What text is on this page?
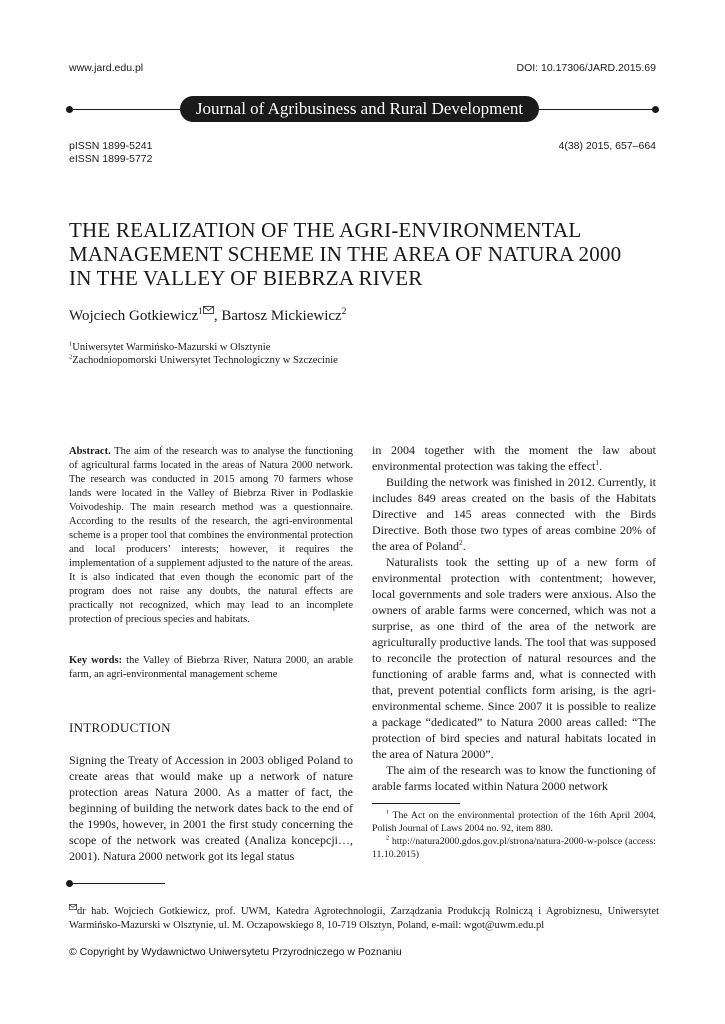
www.jard.edu.pl	DOI: 10.17306/JARD.2015.69
Journal of Agribusiness and Rural Development
pISSN 1899-5241
eISSN 1899-5772
4(38) 2015, 657–664
THE REALIZATION OF THE AGRI-ENVIRONMENTAL
MANAGEMENT SCHEME IN THE AREA OF NATURA 2000
IN THE VALLEY OF BIEBRZA RIVER
Wojciech Gotkiewicz$^1$ , Bartosz Mickiewicz$^2$
$^1$Uniwersytet Warmińsko-Mazurski w Olsztynie
$^2$Zachodniopomorski Uniwersytet Technologiczny w Szczecinie

Abstract. The aim of the research was to analyse the functioning of agricultural farms located in the areas of Natura 2000 network. The research was conducted in 2015 among 70 farmers whose lands were located in the Valley of Biebrza River in Podlaskie Voivodeship. The main research method was a questionnaire. According to the results of the research, the agri-environmental scheme is a proper tool that combines the environmental protection and local producers’ interests; however, it requires the implementation of a supplement adjusted to the nature of the areas. It is also indicated that even though the economic part of the program does not raise any doubts, the natural effects are practically not recognized, which may lead to an incomplete protection of precious species and habitats.

Key words: the Valley of Biebrza River, Natura 2000, an arable farm, an agri-environmental management scheme

INTRODUCTION

Signing the Treaty of Accession in 2003 obliged Poland to create areas that would make up a network of nature protection areas Natura 2000. As a matter of fact, the beginning of building the network dates back to the end of the 1990s, however, in 2001 the first study concerning the scope of the network was created (Analiza koncepcji…, 2001). Natura 2000 network got its legal status

in 2004 together with the moment the law about environmental protection was taking the effect$^1$.

Building the network was finished in 2012. Currently, it includes 849 areas created on the basis of the Habitats Directive and 145 areas connected with the Birds Directive. Both those two types of areas combine 20% of the area of Poland$^2$.

Naturalists took the setting up of a new form of environmental protection with contentment; however, local governments and sole traders were anxious. Also the owners of arable farms were concerned, which was not a surprise, as one third of the area of the network are agriculturally productive lands. The tool that was supposed to reconcile the protection of natural resources and the functioning of arable farms and, what is connected with that, prevent potential conflicts form arising, is the agri-environmental scheme. Since 2007 it is possible to realize a package “dedicated” to Natura 2000 areas called: “The protection of bird species and natural habitats located in the area of Natura 2000”.

The aim of the research was to know the functioning of arable farms located within Natura 2000 network

$^1$ The Act on the environmental protection of the 16th April 2004, Polish Journal of Laws 2004 no. 92, item 880.
$^2$ http://natura2000.gdos.gov.pl/strona/natura-2000-w-polsce (access: 11.10.2015)
dr hab. Wojciech Gotkiewicz, prof. UWM, Katedra Agrotechnologii, Zarządzania Produkcją Rolniczą i Agrobiznesu, Uniwersytet Warmińsko-Mazurski w Olsztynie, ul. M. Oczapowskiego 8, 10-719 Olsztyn, Poland, e-mail: wgot@uwm.edu.pl
© Copyright by Wydawnictwo Uniwersytetu Przyrodniczego w Poznaniu
